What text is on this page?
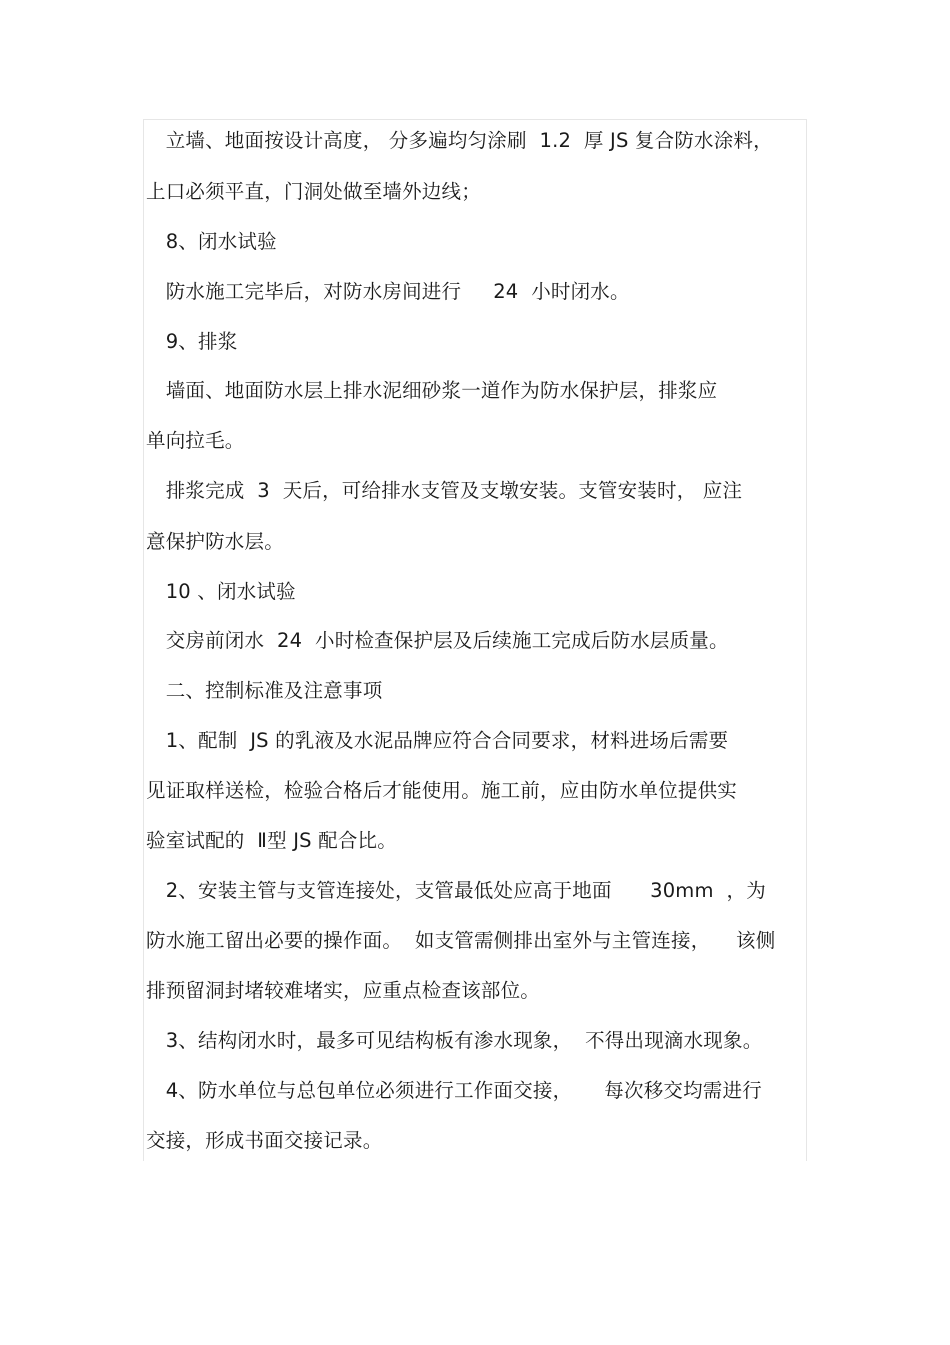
　立墙、地面按设计高度， 分多遍均匀涂刷  1.2  厚 JS 复合防水涂料，
上口必须平直，门洞处做至墙外边线；
　8、闭水试验
　防水施工完毕后，对防水房间进行     24  小时闭水。
　9、排浆
　墙面、地面防水层上排水泥细砂浆一道作为防水保护层，排浆应
单向拉毛。
　排浆完成  3  天后，可给排水支管及支墩安装。支管安装时， 应注
意保护防水层。
　10 、闭水试验
　交房前闭水  24  小时检查保护层及后续施工完成后防水层质量。
　二、控制标准及注意事项
　1、配制  JS 的乳液及水泥品牌应符合合同要求，材料进场后需要
见证取样送检，检验合格后才能使用。施工前，应由防水单位提供实
验室试配的  Ⅱ型 JS 配合比。
　2、安装主管与支管连接处，支管最低处应高于地面      30mm  ，为
防水施工留出必要的操作面。  如支管需侧排出室外与主管连接，    该侧
排预留洞封堵较难堵实，应重点检查该部位。
　3、结构闭水时，最多可见结构板有渗水现象，  不得出现滴水现象。
　4、防水单位与总包单位必须进行工作面交接，     每次移交均需进行
交接，形成书面交接记录。
